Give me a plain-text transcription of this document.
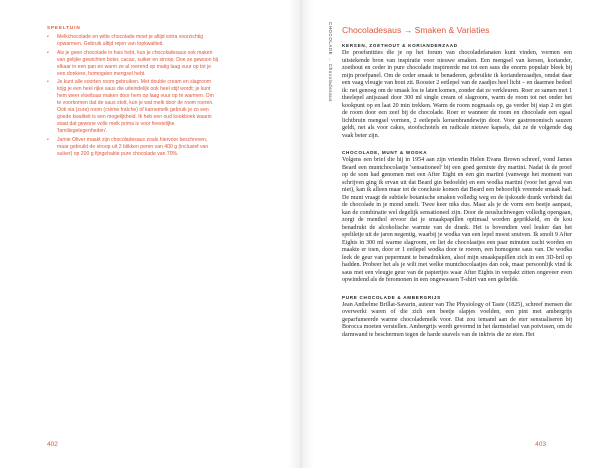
SPEELTUIN
• Melkchocolade en witte chocolade moet je altijd extra voorzichtig opwarmen. Gebruik altijd rejen van topkwaliteit.
• Als je geen chocolade in huis hebt, kun je chocoladesaus ook maken van gelijke gewichten boter, cacao, suiker en siroop. Doe ze gewoon bij elkaar in een pan en warm ze al roerend op matig laag vuur op tot je een donkere, homogeen mengsel hebt.
• Je kunt alle soorten room gebruiken. Met double cream en slagroom krijg je een heel rijke saus die uiteindelijk ook heel stijf wordt; je kunt hem weer vloeibaar maken door hem op laag vuur op te warmen. Om te voorkomen dat de saus stolt, kun je wat melk door de room roeren. Ook via (zure) room (crème fraîche) of karnemelk gebruik je zo een goede kwaliteit is een mogelijkheid. Ik heb een oud kookboek waarin staat dat gewone volle melk prima is voor feestelijke 'familiegelegenheden'.
• Jamie Oliver maakt zijn chocoladesaus zoals hiervoor beschreven, maar gebruikt de siroop uit 2 blikken peren van 400 g (inclusief van suiker) op 200 g fijngehakte pure chocolade van 70%.
402
CHOCOLADE → Chocoladesaus
Chocoladesaus → Smaken & Variaties
KERSEN, ZOETHOUT & KORIANDERZAAD

De proefsnitties die je op het forum van chocoladefanaten kunt vinden, vormen een uitstekende bron van inspiratie voor nieuwe smaken. Een mengsel van kersen, koriander, zoethout en ceder in pure chocolade inspireerde me tot een saus die enorm populair bleek bij mijn proefpanel. Om de ceder smaak te benaderen, gebruikte ik korianderzaadjes, omdat daar een vaag vleugje van hout zit. Rooster 2 eetlepel van de zaadjes heel licht – en daarmee bedoel ik: net genoeg om de smaak los te laten komen, zonder dat ze verkleuren. Roer ze samen met 1 theelepel anijszaad door 300 ml single cream of slagroom, warm de room tot net onder het kookpunt op en laat 20 min trekken. Warm de room nogmaals op, ga verder bij stap 2 en giet de room door een zeef bij de chocolade. Roer er wanneer de room en chocolade een egaal lichtbruin mengsel vormen, 2 eetlepels kersenbrandewijn door. Voor gastronomisch sauzen geldt, net als voor cakes, stoofschotels en radicale nieuwe kapsels, dat ze de volgende dag vaak beter zijn.

CHOCOLADE, MUNT & WODKA

Volgens een brief die hij in 1954 aan zijn vriendin Helen Evans Brown schreef, vond James Beard een muntchocolastje 'sensationeel' bij een goed gemixte dry martini. Nadat ik de proef op de som had genomen met een After Eight en een gin martini (vanwege het moment van schrijven ging ik ervan uit dat Beard gin bedoelde) en een wodka martini (voor het geval van niet), kan ik alleen maar tot de conclusie komen dat Beard een behoorlijk vreemde smaak had. De munt vraagt de subtiele botanische smaken volledig weg en de ijskoude drank verbindt dat de chocolade in je mond smelt. Twee keer niks dus. Maar als je de vorm een beetje aanpast, kan de combinatie wel degelijk sensationeel zijn. Door de neusluchtwegen volledig opengaan, zorgt de menthol ervoor dat je smaakpapillen optimaal worden geprikkeld, en de kou benadrukt de alcoholische warmte van de drank. Het is bovendien veel leuker dan het speltletje uit de jaren negentig, waarbij je wodka van een lepel moest snuiven. Ik smolt 9 After Eights in 300 ml warme slagroom, en liet de chocolaatjes een paar minuten zacht worden en maakte er toen, door er 1 eetlepel wodka door te roeren, een homogene saus van. De wodka leek de geur van pepermunt te benadrukken, alsof mijn smaakpapillen zich in een 3D-bril op hadden. Probeer het als je wilt met welke muntchocolaatjes dan ook, maar persoonlijk vind ik saus met een vleugje geur van de papiertjes waar After Eights in verpakt zitten ongeveer even opwindend als de feromonen in een ongewassen T-shirt van een geliefde.

PURE CHOCOLADE & AMBERGRIJS

Jean Anthelme Brillat-Savarin, auteur van The Physiology of Taste (1825), schreef mensen die overwerkt waren of die zich een beetje slapjes voelden, een pint met ambergrijs geparfumeerde warme chocolademelk voor. Dat zou iemand aan de eter sensualiseren bij Borocca moeten verstellen. Ambergrijs wordt gevormd in het darmstelsel van potvissen, om de darmwand te beschermen tegen de harde snavels van de inktvis die ze eten. Het

403
